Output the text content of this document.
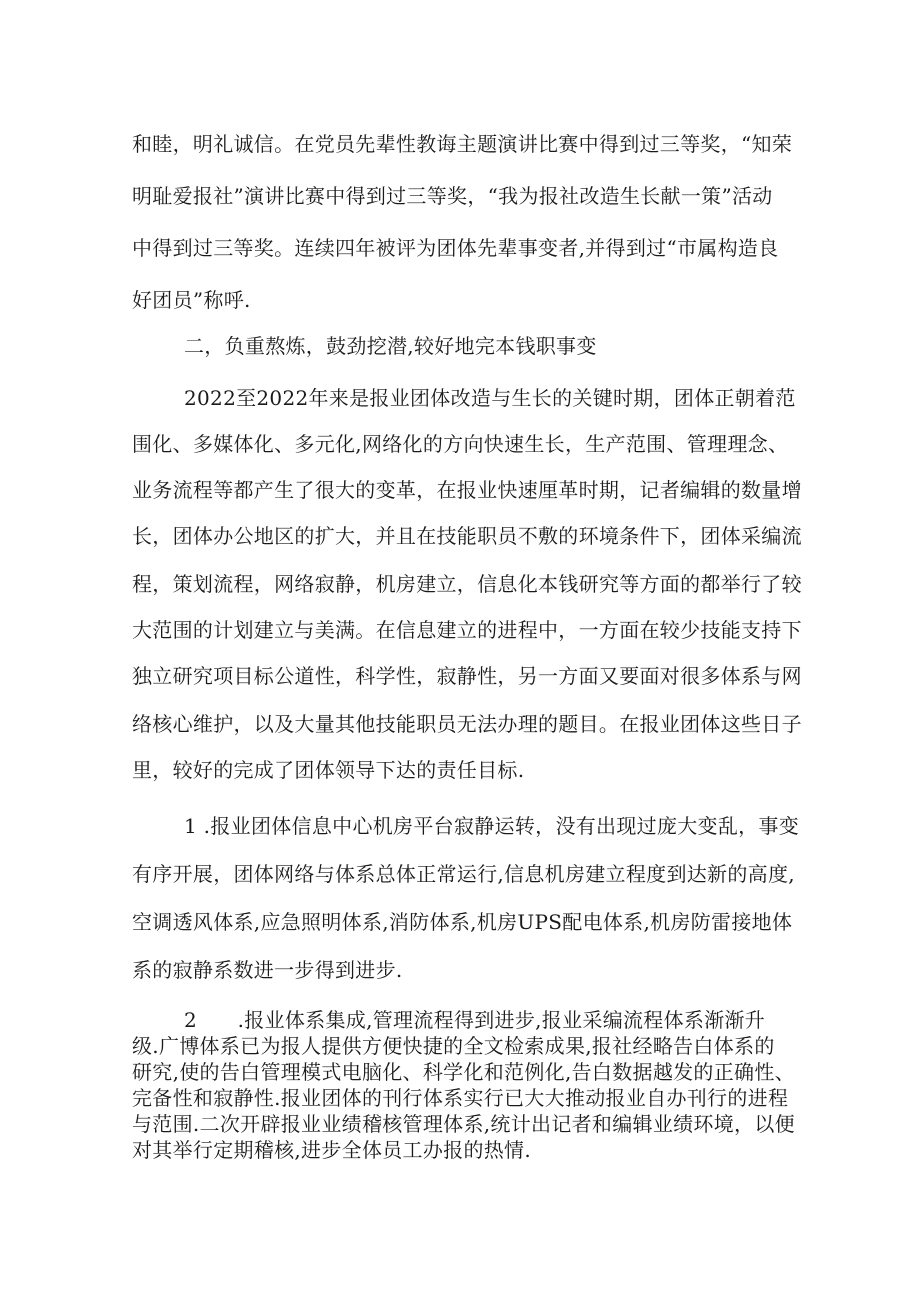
和睦，明礼诚信。在党员先辈性教诲主题演讲比赛中得到过三等奖，“知荣
明耻爱报社”演讲比赛中得到过三等奖，“我为报社改造生长献一策”活动
中得到过三等奖。连续四年被评为团体先辈事变者,并得到过“市属构造良
好团员”称呼.
二，负重熬炼，鼓劲挖潜,较好地完本钱职事变
2022至2022年来是报业团体改造与生长的关键时期，团体正朝着范
围化、多媒体化、多元化,网络化的方向快速生长，生产范围、管理理念、
业务流程等都产生了很大的变革，在报业快速厘革时期，记者编辑的数量增
长，团体办公地区的扩大，并且在技能职员不敷的环境条件下，团体采编流
程，策划流程，网络寂静，机房建立，信息化本钱研究等方面的都举行了较
大范围的计划建立与美满。在信息建立的进程中，一方面在较少技能支持下
独立研究项目标公道性，科学性，寂静性，另一方面又要面对很多体系与网
络核心维护，以及大量其他技能职员无法办理的题目。在报业团体这些日子
里，较好的完成了团体领导下达的责任目标.
1 .报业团体信息中心机房平台寂静运转，没有出现过庞大变乱，事变
有序开展，团体网络与体系总体正常运行,信息机房建立程度到达新的高度,
空调透风体系,应急照明体系,消防体系,机房UPS配电体系,机房防雷接地体
系的寂静系数进一步得到进步.
2　　.报业体系集成,管理流程得到进步,报业采编流程体系渐渐升
级.广博体系已为报人提供方便快捷的全文检索成果,报社经略告白体系的
研究,使的告白管理模式电脑化、科学化和范例化,告白数据越发的正确性、
完备性和寂静性.报业团体的刊行体系实行已大大推动报业自办刊行的进程
与范围.二次开辟报业业绩稽核管理体系,统计出记者和编辑业绩环境，以便
对其举行定期稽核,进步全体员工办报的热情.
